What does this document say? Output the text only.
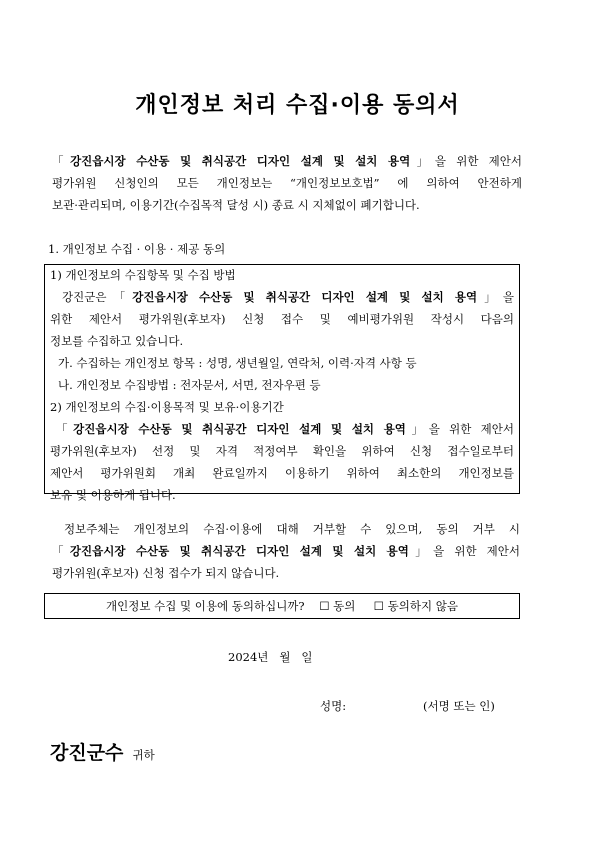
개인정보 처리 수집·이용 동의서
「강진읍시장 수산동 및 취식공간 디자인 설계 및 설치 용역」을 위한 제안서
평가위원 신청인의 모든 개인정보는 “개인정보보호법” 에 의하여 안전하게
보관·관리되며, 이용기간(수집목적 달성 시) 종료 시 지체없이 폐기합니다.
1. 개인정보 수집 · 이용 · 제공 동의
1) 개인정보의 수집항목 및 수집 방법
강진군은「강진읍시장 수산동 및 취식공간 디자인 설계 및 설치 용역」을
위한 제안서 평가위원(후보자) 신청 접수 및 예비평가위원 작성시 다음의
정보를 수집하고 있습니다.
가. 수집하는 개인정보 항목 : 성명, 생년월일, 연락처, 이력·자격 사항 등
나. 개인정보 수집방법 : 전자문서, 서면, 전자우편 등
2) 개인정보의 수집·이용목적 및 보유·이용기간
「강진읍시장 수산동 및 취식공간 디자인 설계 및 설치 용역」을 위한 제안서
평가위원(후보자) 선정 및 자격 적정여부 확인을 위하여 신청 접수일로부터
제안서 평가위원회 개최 완료일까지 이용하기 위하여 최소한의 개인정보를
보유 및 이용하게 됩니다.
정보주체는 개인정보의 수집·이용에 대해 거부할 수 있으며, 동의 거부 시
「강진읍시장 수산동 및 취식공간 디자인 설계 및 설치 용역」을 위한 제안서
평가위원(후보자) 신청 접수가 되지 않습니다.
개인정보 수집 및 이용에 동의하십니까? ☐ 동의 ☐ 동의하지 않음
2024년   월   일
성명:	(서명 또는 인)
강진군수 귀하
